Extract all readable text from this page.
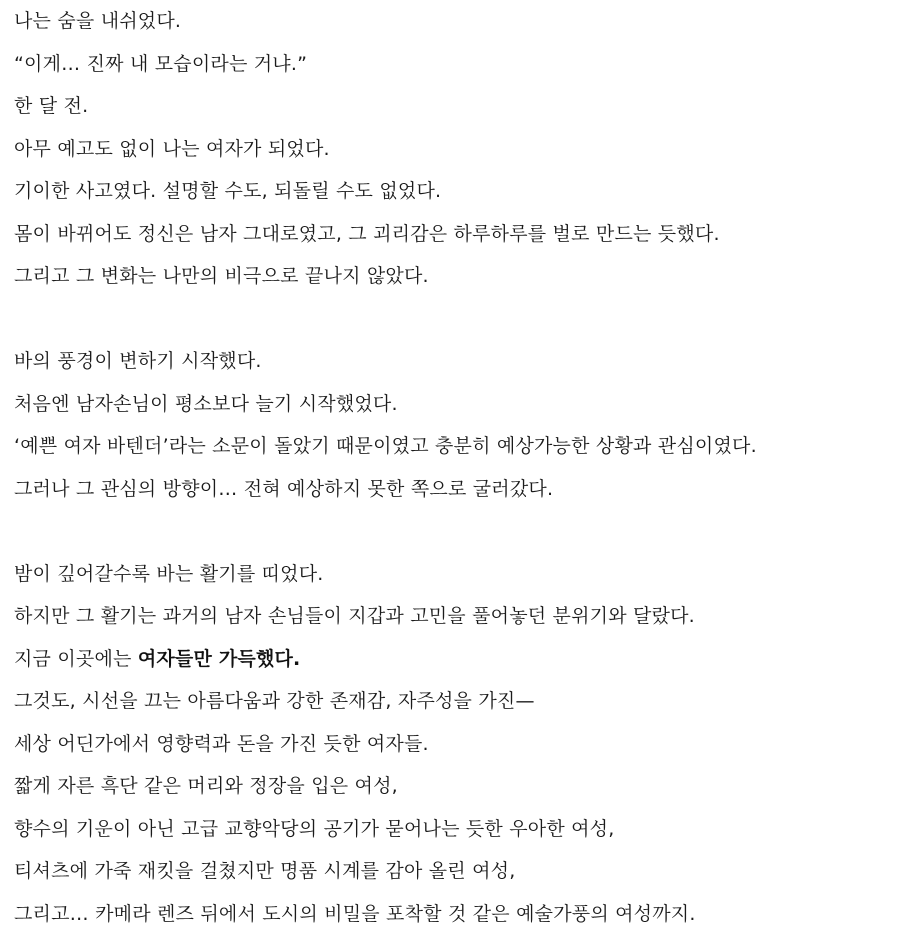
나는 숨을 내쉬었다.

“이게… 진짜 내 모습이라는 거냐.”

한 달 전.

아무 예고도 없이 나는 여자가 되었다.

기이한 사고였다. 설명할 수도, 되돌릴 수도 없었다.

몸이 바뀌어도 정신은 남자 그대로였고, 그 괴리감은 하루하루를 벌로 만드는 듯했다.

그리고 그 변화는 나만의 비극으로 끝나지 않았다.

바의 풍경이 변하기 시작했다.

처음엔 남자손님이 평소보다 늘기 시작했었다.

‘예쁜 여자 바텐더’라는 소문이 돌았기 때문이였고 충분히 예상가능한 상황과 관심이였다.

그러나 그 관심의 방향이… 전혀 예상하지 못한 쪽으로 굴러갔다.

밤이 깊어갈수록 바는 활기를 띠었다.

하지만 그 활기는 과거의 남자 손님들이 지갑과 고민을 풀어놓던 분위기와 달랐다.

지금 이곳에는 여자들만 가득했다.

그것도, 시선을 끄는 아름다움과 강한 존재감, 자주성을 가진—

세상 어딘가에서 영향력과 돈을 가진 듯한 여자들.

짧게 자른 흑단 같은 머리와 정장을 입은 여성,

향수의 기운이 아닌 고급 교향악당의 공기가 묻어나는 듯한 우아한 여성,

티셔츠에 가죽 재킷을 걸쳤지만 명품 시계를 감아 올린 여성,

그리고… 카메라 렌즈 뒤에서 도시의 비밀을 포착할 것 같은 예술가풍의 여성까지.
